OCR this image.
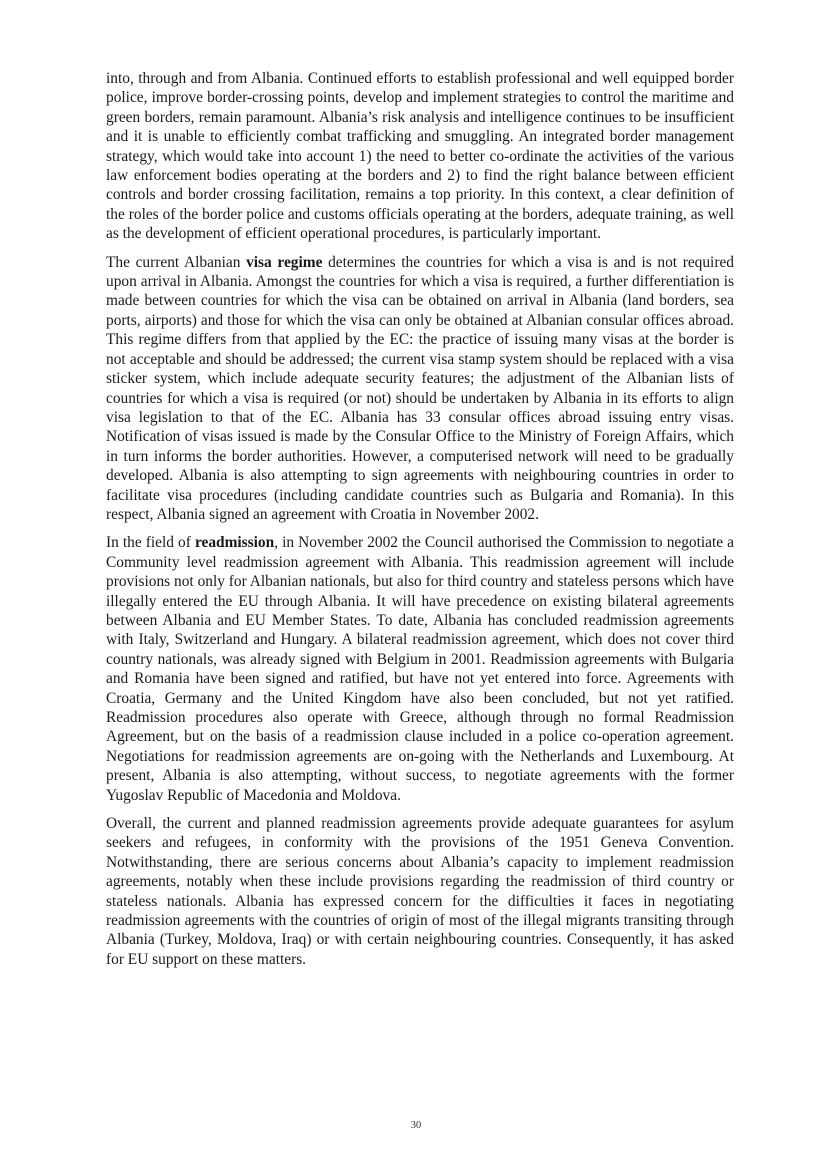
into, through and from Albania. Continued efforts to establish professional and well equipped border police, improve border-crossing points, develop and implement strategies to control the maritime and green borders, remain paramount. Albania’s risk analysis and intelligence continues to be insufficient and it is unable to efficiently combat trafficking and smuggling. An integrated border management strategy, which would take into account 1) the need to better co-ordinate the activities of the various law enforcement bodies operating at the borders and 2) to find the right balance between efficient controls and border crossing facilitation, remains a top priority. In this context, a clear definition of the roles of the border police and customs officials operating at the borders, adequate training, as well as the development of efficient operational procedures, is particularly important.

The current Albanian visa regime determines the countries for which a visa is and is not required upon arrival in Albania. Amongst the countries for which a visa is required, a further differentiation is made between countries for which the visa can be obtained on arrival in Albania (land borders, sea ports, airports) and those for which the visa can only be obtained at Albanian consular offices abroad. This regime differs from that applied by the EC: the practice of issuing many visas at the border is not acceptable and should be addressed; the current visa stamp system should be replaced with a visa sticker system, which include adequate security features; the adjustment of the Albanian lists of countries for which a visa is required (or not) should be undertaken by Albania in its efforts to align visa legislation to that of the EC. Albania has 33 consular offices abroad issuing entry visas. Notification of visas issued is made by the Consular Office to the Ministry of Foreign Affairs, which in turn informs the border authorities. However, a computerised network will need to be gradually developed. Albania is also attempting to sign agreements with neighbouring countries in order to facilitate visa procedures (including candidate countries such as Bulgaria and Romania). In this respect, Albania signed an agreement with Croatia in November 2002.

In the field of readmission, in November 2002 the Council authorised the Commission to negotiate a Community level readmission agreement with Albania. This readmission agreement will include provisions not only for Albanian nationals, but also for third country and stateless persons which have illegally entered the EU through Albania. It will have precedence on existing bilateral agreements between Albania and EU Member States. To date, Albania has concluded readmission agreements with Italy, Switzerland and Hungary. A bilateral readmission agreement, which does not cover third country nationals, was already signed with Belgium in 2001. Readmission agreements with Bulgaria and Romania have been signed and ratified, but have not yet entered into force. Agreements with Croatia, Germany and the United Kingdom have also been concluded, but not yet ratified. Readmission procedures also operate with Greece, although through no formal Readmission Agreement, but on the basis of a readmission clause included in a police co-operation agreement. Negotiations for readmission agreements are on-going with the Netherlands and Luxembourg. At present, Albania is also attempting, without success, to negotiate agreements with the former Yugoslav Republic of Macedonia and Moldova.

Overall, the current and planned readmission agreements provide adequate guarantees for asylum seekers and refugees, in conformity with the provisions of the 1951 Geneva Convention. Notwithstanding, there are serious concerns about Albania’s capacity to implement readmission agreements, notably when these include provisions regarding the readmission of third country or stateless nationals. Albania has expressed concern for the difficulties it faces in negotiating readmission agreements with the countries of origin of most of the illegal migrants transiting through Albania (Turkey, Moldova, Iraq) or with certain neighbouring countries. Consequently, it has asked for EU support on these matters.

30
